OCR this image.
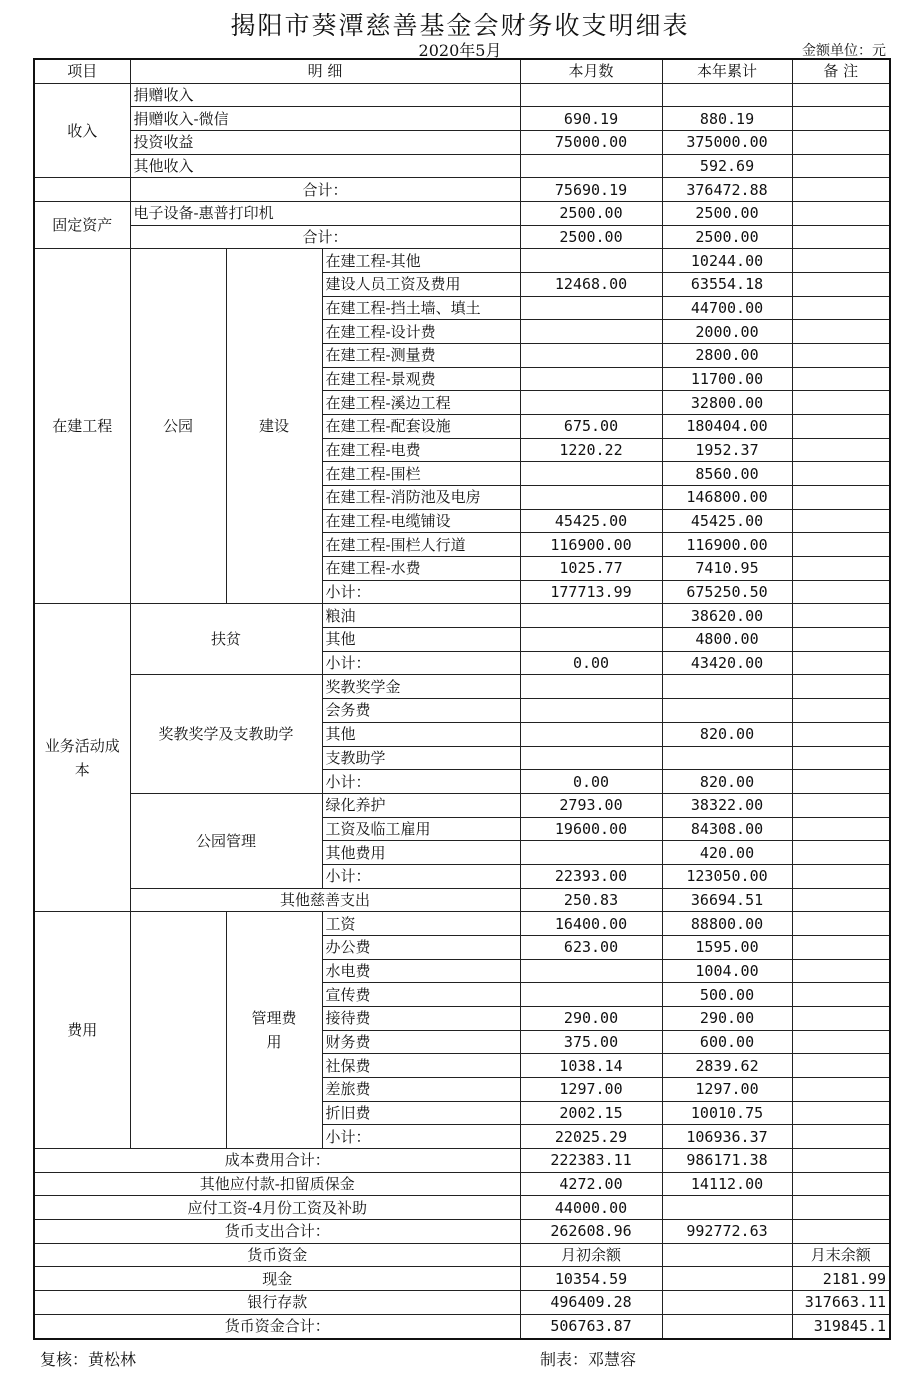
揭阳市葵潭慈善基金会财务收支明细表
2020年5月	金额单位：元
项目	明 细			本月数	本年累计	备 注
收入	捐赠收入					
	捐赠收入-微信			690.19	880.19	
	投资收益			75000.00	375000.00	
	其他收入				592.69	
	合计：			75690.19	376472.88	
固定资产	电子设备-惠普打印机			2500.00	2500.00	
	合计：			2500.00	2500.00	
在建工程	公园	建设	在建工程-其他		10244.00	
			建设人员工资及费用	12468.00	63554.18	
			在建工程-挡土墙、填土		44700.00	
			在建工程-设计费		2000.00	
			在建工程-测量费		2800.00	
			在建工程-景观费		11700.00	
			在建工程-溪边工程		32800.00	
			在建工程-配套设施	675.00	180404.00	
			在建工程-电费	1220.22	1952.37	
			在建工程-围栏		8560.00	
			在建工程-消防池及电房		146800.00	
			在建工程-电缆铺设	45425.00	45425.00	
			在建工程-围栏人行道	116900.00	116900.00	
			在建工程-水费	1025.77	7410.95	
			小计：	177713.99	675250.50	
业务活动成本	扶贫		粮油		38620.00	
			其他		4800.00	
			小计：	0.00	43420.00	
	奖教奖学及支教助学		奖教奖学金			
			会务费			
			其他		820.00	
			支教助学			
			小计：	0.00	820.00	
	公园管理		绿化养护	2793.00	38322.00	
			工资及临工雇用	19600.00	84308.00	
			其他费用		420.00	
			小计：	22393.00	123050.00	
	其他慈善支出			250.83	36694.51	
费用		管理费用	工资	16400.00	88800.00	
			办公费	623.00	1595.00	
			水电费		1004.00	
			宣传费		500.00	
			接待费	290.00	290.00	
			财务费	375.00	600.00	
			社保费	1038.14	2839.62	
			差旅费	1297.00	1297.00	
			折旧费	2002.15	10010.75	
			小计：	22025.29	106936.37	
成本费用合计：				222383.11	986171.38	
其他应付款-扣留质保金				4272.00	14112.00	
应付工资-4月份工资及补助				44000.00		
货币支出合计：				262608.96	992772.63	
货币资金				月初余额		月末余额
现金				10354.59		2181.99
银行存款				496409.28		317663.11
货币资金合计：				506763.87		319845.1
复核：黄松林	制表：邓慧容
